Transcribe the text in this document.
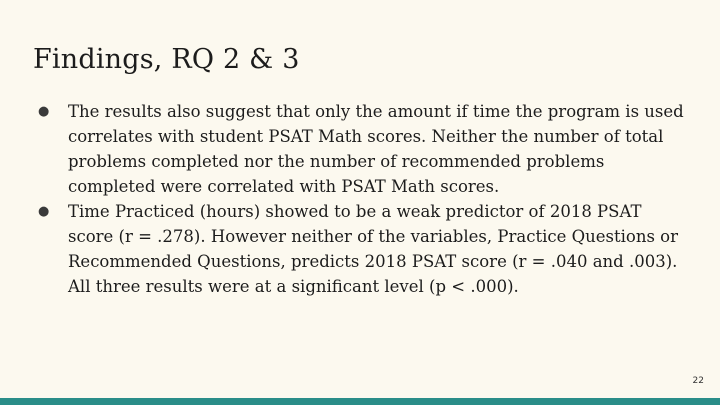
Findings, RQ 2 & 3
● The results also suggest that only the amount if time the program is used correlates with student PSAT Math scores. Neither the number of total problems completed nor the number of recommended problems completed were correlated with PSAT Math scores.
● Time Practiced (hours) showed to be a weak predictor of 2018 PSAT score (r = .278). However neither of the variables, Practice Questions or Recommended Questions, predicts 2018 PSAT score (r = .040 and .003). All three results were at a significant level (p < .000).
22
